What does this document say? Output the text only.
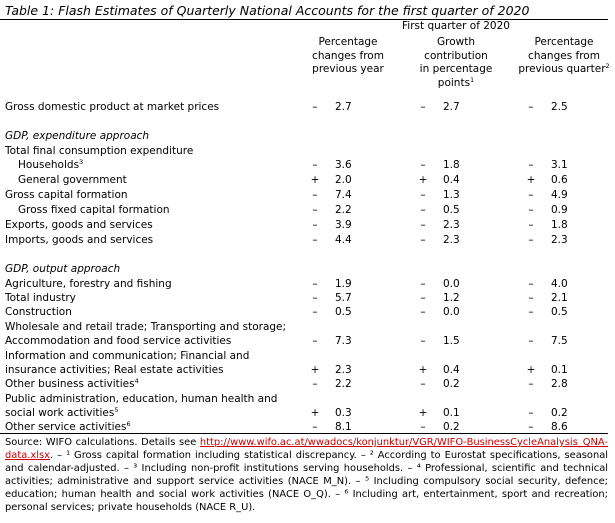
Table 1: Flash Estimates of Quarterly National Accounts for the first quarter of 2020
First quarter of 2020
Percentage
changes from
previous year
Growth
contribution
in percentage
points$^1$
Percentage
changes from
previous quarter$^2$
Gross domestic product at market prices	–	2.7	–	2.7	–	2.5
GDP, expenditure approach
Total final consumption expenditure
Households$^3$	–	3.6	–	1.8	–	3.1
General government	+ 2.0	+ 0.4	+ 0.6
Gross capital formation	–	7.4	–	1.3	–	4.9
Gross fixed capital formation	–	2.2	–	0.5	–	0.9
Exports, goods and services	–	3.9	–	2.3	–	1.8
Imports, goods and services	–	4.4	–	2.3	–	2.3
GDP, output approach
Agriculture, forestry and fishing	–	1.9	–	0.0	–	4.0
Total industry	–	5.7	–	1.2	–	2.1
Construction	–	0.5	–	0.0	–	0.5
Wholesale and retail trade; Transporting and storage;
Accommodation and food service activities	–	7.3	–	1.5	–	7.5
Information and communication; Financial and
insurance activities; Real estate activities	+ 2.3	+ 0.4	+ 0.1
Other business activities$^4$	–	2.2	–	0.2	–	2.8
Public administration, education, human health and
social work activities$^5$	+ 0.3	+ 0.1	–	0.2
Other service activities$^6$	–	8.1	–	0.2	–	8.6
Source: WIFO calculations. Details see http://www.wifo.ac.at/wwadocs/konjunktur/VGR/WIFO-BusinessCycleAnalysis_QNA-data.xlsx. – ¹ Gross capital formation including statistical discrepancy. – ² According to Eurostat specifications, seasonal and calendar-adjusted. – ³ Including non-profit institutions serving households. – ⁴ Professional, scientific and technical activities; administrative and support service activities (NACE M_N). – ⁵ Including compulsory social security, defence; education; human health and social work activities (NACE O_Q). – ⁶ Including art, entertainment, sport and recreation; personal services; private households (NACE R_U).
